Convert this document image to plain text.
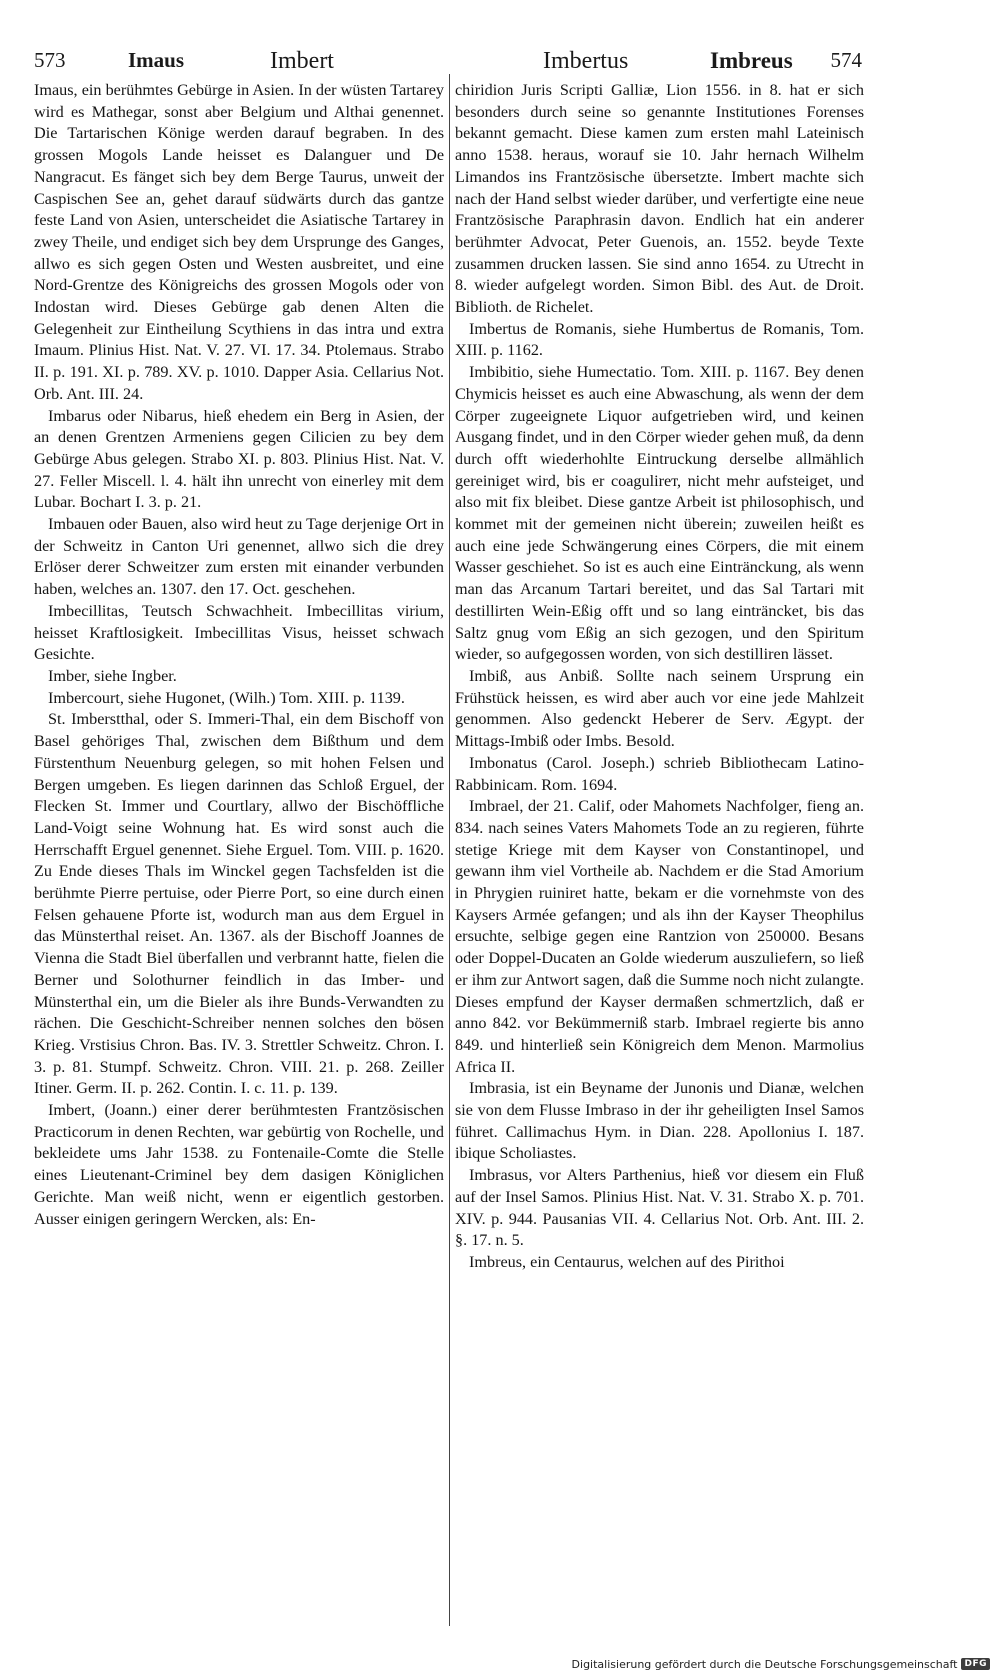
573	Imaus	Imbert	Imbertus	Imbreus 574

Imaus, ein berühmtes Gebürge in Asien. In der wüsten Tartarey wird es Mathegar, sonst aber Belgium und Althai genennet. Die Tartarischen Könige werden darauf begraben. In des grossen Mogols Lande heisset es Dalanguer und De Nangracut. Es fänget sich bey dem Berge Taurus, unweit der Caspischen See an, gehet darauf südwärts durch das gantze feste Land von Asien, unterscheidet die Asiatische Tartarey in zwey Theile, und endiget sich bey dem Ursprunge des Ganges, allwo es sich gegen Osten und Westen ausbreitet, und eine Nord-Grentze des Königreichs des grossen Mogols oder von Indostan wird. Dieses Gebürge gab denen Alten die Gelegenheit zur Eintheilung Scythiens in das intra und extra Imaum. Plinius Hist. Nat. V. 27. VI. 17. 34. Ptolemaus. Strabo II. p. 191. XI. p. 789. XV. p. 1010. Dapper Asia. Cellarius Not. Orb. Ant. III. 24.

Imbarus oder Nibarus, hieß ehedem ein Berg in Asien, der an denen Grentzen Armeniens gegen Cilicien zu bey dem Gebürge Abus gelegen. Strabo XI. p. 803. Plinius Hist. Nat. V. 27. Feller Miscell. l. 4. hält ihn unrecht von einerley mit dem Lubar. Bochart I. 3. p. 21.

Imbauen oder Bauen, also wird heut zu Tage derjenige Ort in der Schweitz in Canton Uri genennet, allwo sich die drey Erlöser derer Schweitzer zum ersten mit einander verbunden haben, welches an. 1307. den 17. Oct. geschehen.

Imbecillitas, Teutsch Schwachheit. Imbecillitas virium, heisset Kraftlosigkeit. Imbecillitas Visus, heisset schwach Gesichte.

Imber, siehe Ingber.

Imbercourt, siehe Hugonet, (Wilh.) Tom. XIII. p. 1139.

St. Imberstthal, oder S. Immeri-Thal, ein dem Bischoff von Basel gehöriges Thal, zwischen dem Bißthum und dem Fürstenthum Neuenburg gelegen, so mit hohen Felsen und Bergen umgeben. Es liegen darinnen das Schloß Erguel, der Flecken St. Immer und Courtlary, allwo der Bischöffliche Land-Voigt seine Wohnung hat. Es wird sonst auch die Herrschafft Erguel genennet. Siehe Erguel. Tom. VIII. p. 1620. Zu Ende dieses Thals im Winckel gegen Tachsfelden ist die berühmte Pierre pertuise, oder Pierre Port, so eine durch einen Felsen gehauene Pforte ist, wodurch man aus dem Erguel in das Münsterthal reiset. An. 1367. als der Bischoff Joannes de Vienna die Stadt Biel überfallen und verbrannt hatte, fielen die Berner und Solothurner feindlich in das Imber- und Münsterthal ein, um die Bieler als ihre Bunds-Verwandten zu rächen. Die Geschicht-Schreiber nennen solches den bösen Krieg. Vrstisius Chron. Bas. IV. 3. Strettler Schweitz. Chron. I. 3. p. 81. Stumpf. Schweitz. Chron. VIII. 21. p. 268. Zeiller Itiner. Germ. II. p. 262. Contin. I. c. 11. p. 139.

Imbert, (Joann.) einer derer berühmtesten Frantzösischen Practicorum in denen Rechten, war gebürtig von Rochelle, und bekleidete ums Jahr 1538. zu Fontenaile-Comte die Stelle eines Lieutenant-Criminel bey dem dasigen Königlichen Gerichte. Man weiß nicht, wenn er eigentlich gestorben. Ausser einigen geringern Wercken, als: En-

chiridion Juris Scripti Galliæ, Lion 1556. in 8. hat er sich besonders durch seine so genannte Institutiones Forenses bekannt gemacht. Diese kamen zum ersten mahl Lateinisch anno 1538. heraus, worauf sie 10. Jahr hernach Wilhelm Limandos ins Frantzösische übersetzte. Imbert machte sich nach der Hand selbst wieder darüber, und verfertigte eine neue Frantzösische Paraphrasin davon. Endlich hat ein anderer berühmter Advocat, Peter Guenois, an. 1552. beyde Texte zusammen drucken lassen. Sie sind anno 1654. zu Utrecht in 8. wieder aufgelegt worden. Simon Bibl. des Aut. de Droit. Biblioth. de Richelet.

Imbertus de Romanis, siehe Humbertus de Romanis, Tom. XIII. p. 1162.

Imbibitio, siehe Humectatio. Tom. XIII. p. 1167. Bey denen Chymicis heisset es auch eine Abwaschung, als wenn der dem Cörper zugeeignete Liquor aufgetrieben wird, und keinen Ausgang findet, und in den Cörper wieder gehen muß, da denn durch offt wiederhohlte Eintruckung derselbe allmählich gereiniget wird, bis er coagulirет, nicht mehr aufsteiget, und also mit fix bleibet. Diese gantze Arbeit ist philosophisch, und kommet mit der gemeinen nicht überein; zuweilen heißt es auch eine jede Schwängerung eines Cörpers, die mit einem Wasser geschiehet. So ist es auch eine Eintränckung, als wenn man das Arcanum Tartari bereitet, und das Sal Tartari mit destillirten Wein-Eßig offt und so lang einträncket, bis das Saltz gnug vom Eßig an sich gezogen, und den Spiritum wieder, so aufgegossen worden, von sich destilliren lässet.

Imbiß, aus Anbiß. Sollte nach seinem Ursprung ein Frühstück heissen, es wird aber auch vor eine jede Mahlzeit genommen. Also gedenckt Heberer de Serv. Ægypt. der Mittags-Imbiß oder Imbs. Besold.

Imbonatus (Carol. Joseph.) schrieb Bibliothecam Latino-Rabbinicam. Rom. 1694.

Imbrael, der 21. Calif, oder Mahomets Nachfolger, fieng an. 834. nach seines Vaters Mahomets Tode an zu regieren, führte stetige Kriege mit dem Kayser von Constantinopel, und gewann ihm viel Vortheile ab. Nachdem er die Stad Amorium in Phrygien ruiniret hatte, bekam er die vornehmste von des Kaysers Armée gefangen; und als ihn der Kayser Theophilus ersuchte, selbige gegen eine Rantzion von 250000. Besans oder Doppel-Ducaten an Golde wiederum auszuliefern, so ließ er ihm zur Antwort sagen, daß die Summe noch nicht zulangte. Dieses empfund der Kayser dermaßen schmertzlich, daß er anno 842. vor Bekümmerniß starb. Imbrael regierte bis anno 849. und hinterließ sein Königreich dem Menon. Marmolius Africa II.

Imbrasia, ist ein Beyname der Junonis und Dianæ, welchen sie von dem Flusse Imbraso in der ihr geheiligten Insel Samos führet. Callimachus Hym. in Dian. 228. Apollonius I. 187. ibique Scholiastes.

Imbrasus, vor Alters Parthenius, hieß vor diesem ein Fluß auf der Insel Samos. Plinius Hist. Nat. V. 31. Strabo X. p. 701. XIV. p. 944. Pausanias VII. 4. Cellarius Not. Orb. Ant. III. 2. §. 17. n. 5.

Imbreus, ein Centaurus, welchen auf des Pirithoi

Digitalisierung gefördert durch die Deutsche Forschungsgemeinschaft DFG
